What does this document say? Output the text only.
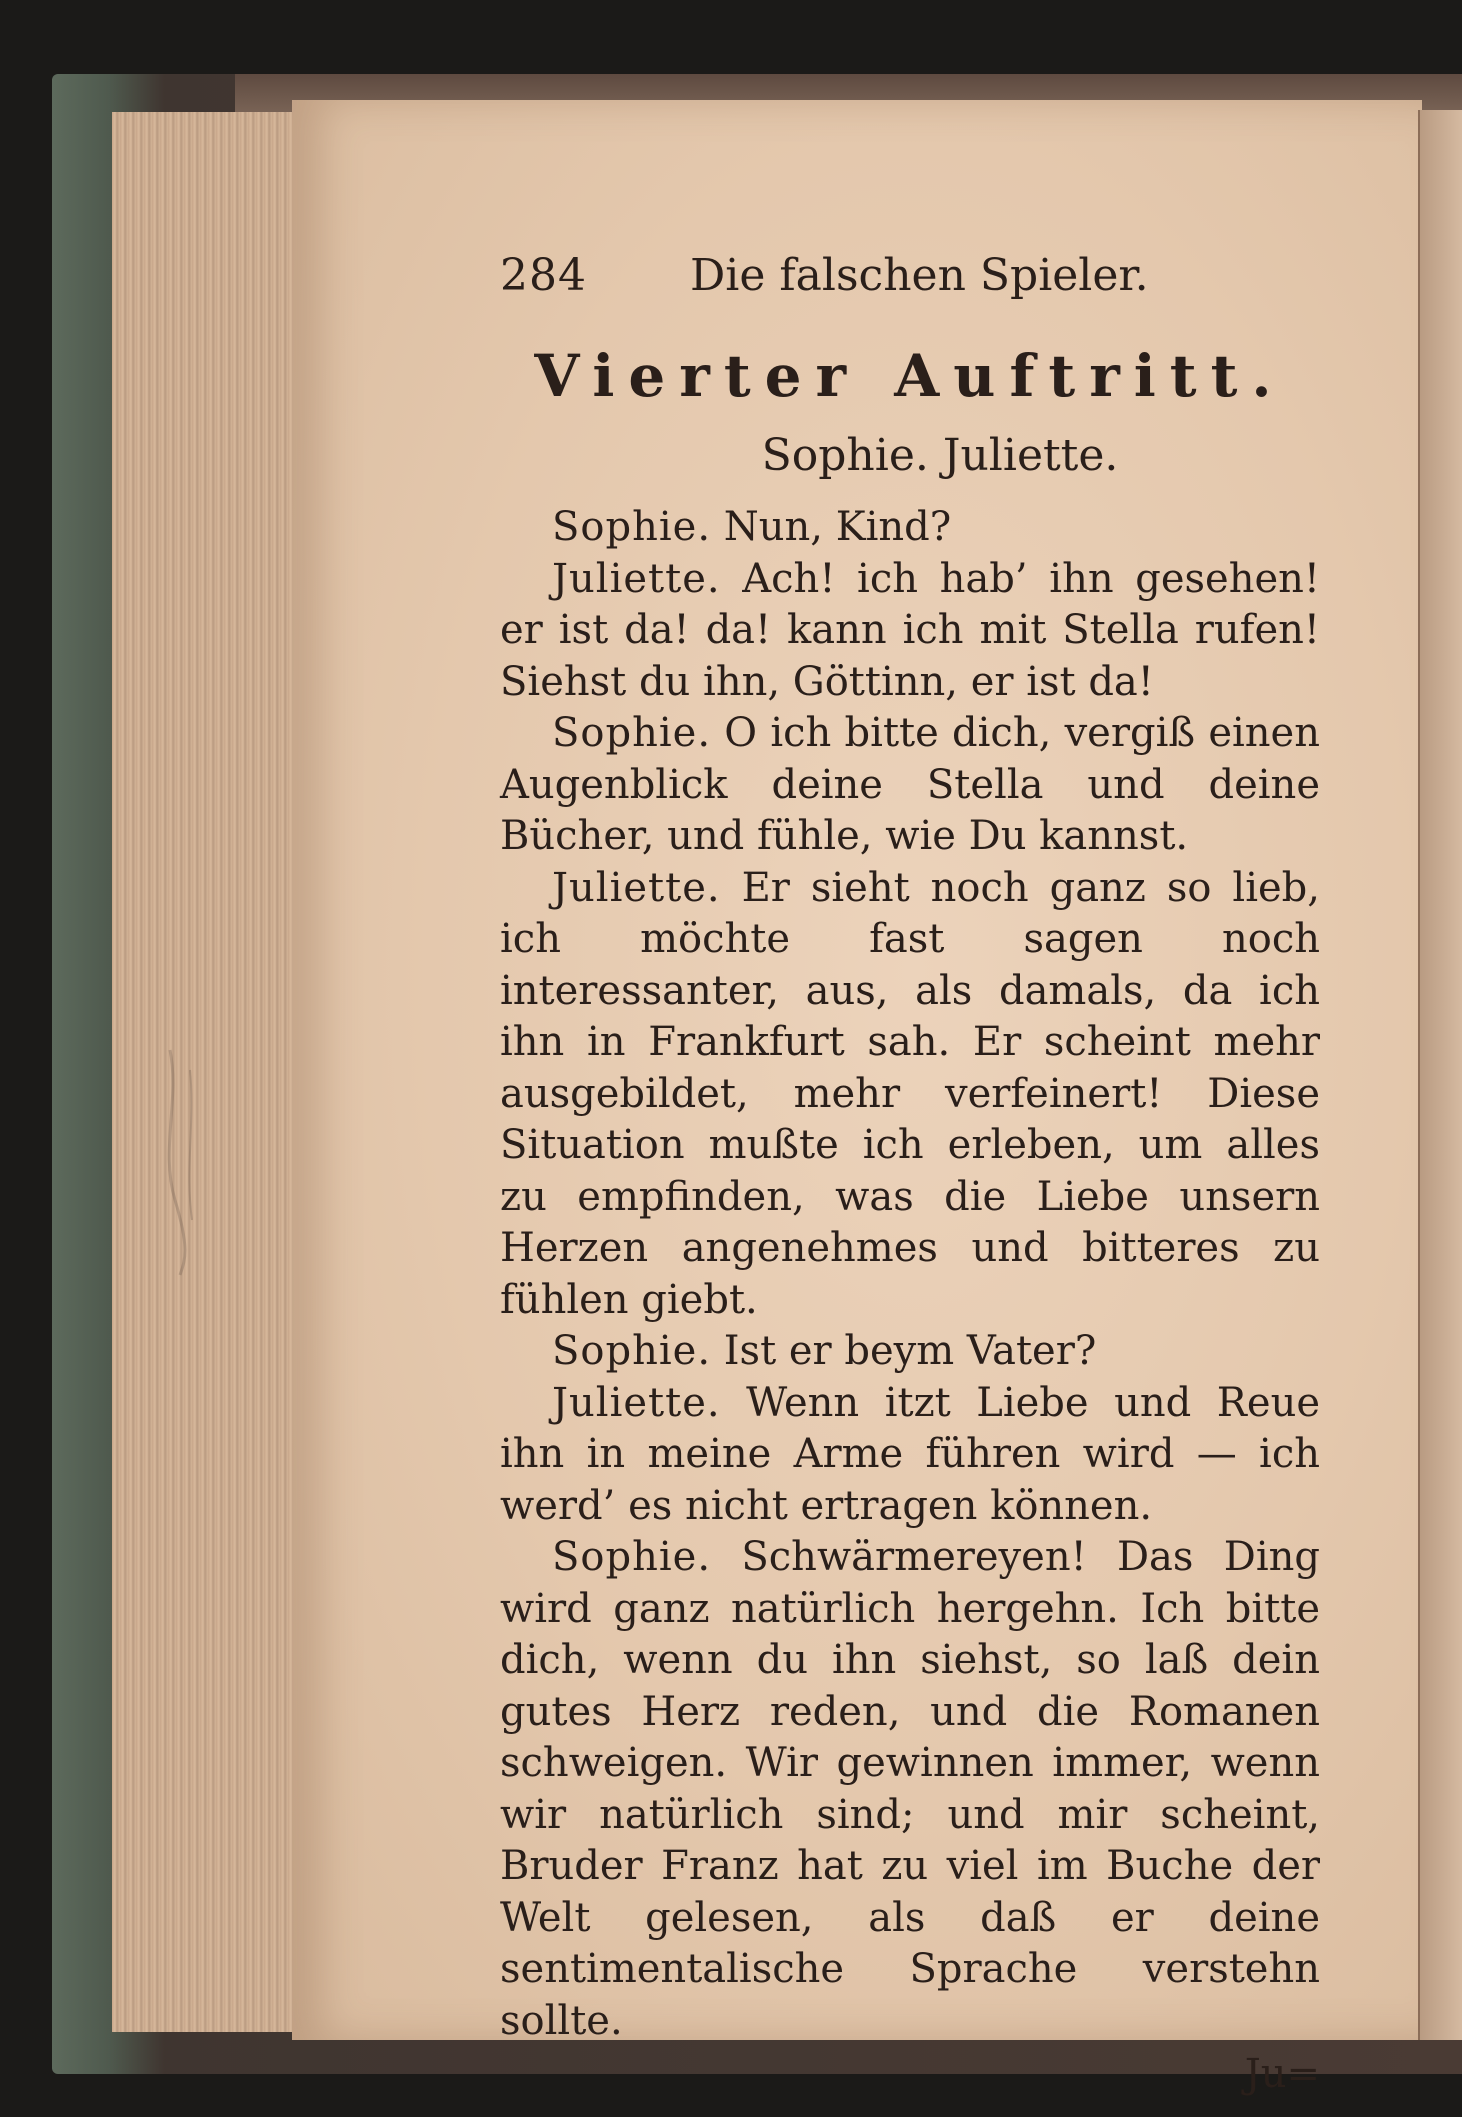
284	Die falschen Spieler.
Vierter Auftritt.
Sophie. Juliette.

Sophie. Nun, Kind?

Juliette. Ach! ich hab’ ihn gesehen! er ist da! da! kann ich mit Stella rufen! Siehst du ihn, Göttinn, er ist da!

Sophie. O ich bitte dich, vergiß einen Augenblick deine Stella und deine Bücher, und fühle, wie Du kannst.

Juliette. Er sieht noch ganz so lieb, ich möchte fast sagen noch interessanter, aus, als damals, da ich ihn in Frankfurt sah. Er scheint mehr ausgebildet, mehr verfeinert! Diese Situation mußte ich erleben, um alles zu empfinden, was die Liebe unsern Herzen angenehmes und bitteres zu fühlen giebt.

Sophie. Ist er beym Vater?

Juliette. Wenn itzt Liebe und Reue ihn in meine Arme führen wird — ich werd’ es nicht ertragen können.

Sophie. Schwärmereyen! Das Ding wird ganz natürlich hergehn. Ich bitte dich, wenn du ihn siehst, so laß dein gutes Herz reden, und die Romanen schweigen. Wir gewinnen immer, wenn wir natürlich sind; und mir scheint, Bruder Franz hat zu viel im Buche der Welt gelesen, als daß er deine sentimentalische Sprache verstehn sollte.

Ju=
